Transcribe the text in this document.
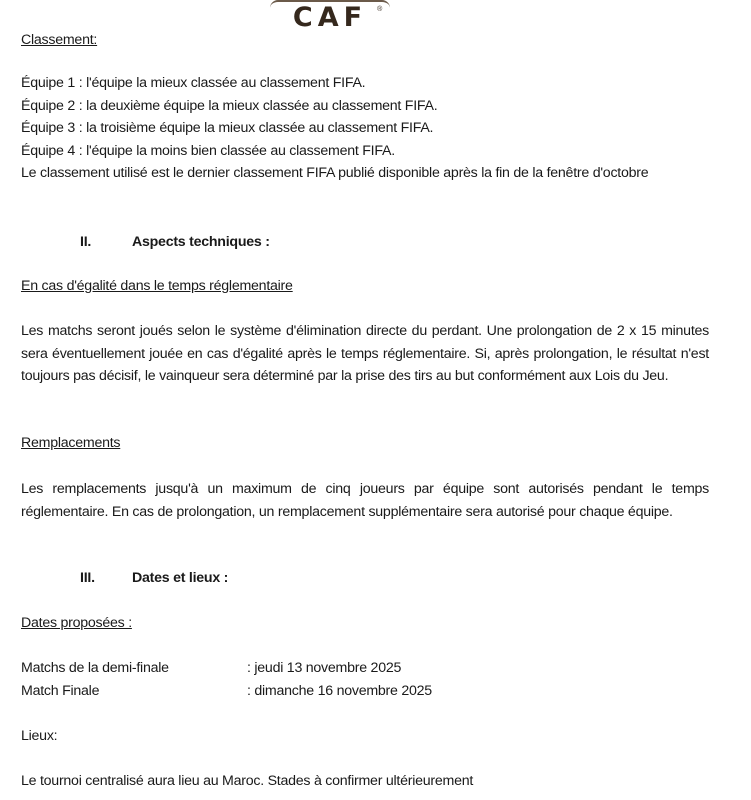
CAF	®
Classement:
Équipe 1 : l'équipe la mieux classée au classement FIFA.
Équipe 2 : la deuxième équipe la mieux classée au classement FIFA.
Équipe 3 : la troisième équipe la mieux classée au classement FIFA.
Équipe 4 : l'équipe la moins bien classée au classement FIFA.
Le classement utilisé est le dernier classement FIFA publié disponible après la fin de la fenêtre d'octobre
II.	Aspects techniques :
En cas d'égalité dans le temps réglementaire
Les matchs seront joués selon le système d'élimination directe du perdant. Une prolongation de 2 x 15 minutes sera éventuellement jouée en cas d'égalité après le temps réglementaire. Si, après prolongation, le résultat n'est toujours pas décisif, le vainqueur sera déterminé par la prise des tirs au but conformément aux Lois du Jeu.
Remplacements
Les remplacements jusqu'à un maximum de cinq joueurs par équipe sont autorisés pendant le temps réglementaire. En cas de prolongation, un remplacement supplémentaire sera autorisé pour chaque équipe.
III.	Dates et lieux :
Dates proposées :
Matchs de la demi-finale	: jeudi 13 novembre 2025
Match Finale	: dimanche 16 novembre 2025
Lieux:
Le tournoi centralisé aura lieu au Maroc. Stades à confirmer ultérieurement
